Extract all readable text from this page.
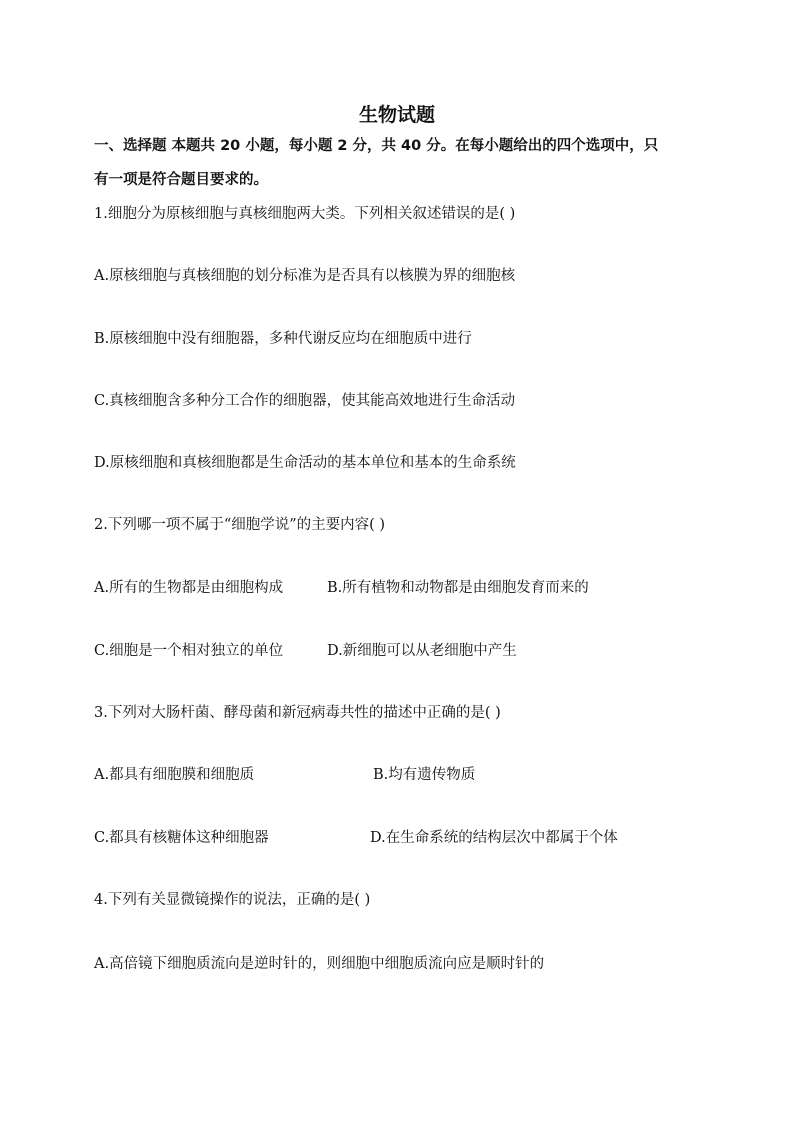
生物试题
一、选择题 本题共 20 小题，每小题 2 分，共 40 分。在每小题给出的四个选项中，只
有一项是符合题目要求的。
1.细胞分为原核细胞与真核细胞两大类。下列相关叙述错误的是( )
A.原核细胞与真核细胞的划分标准为是否具有以核膜为界的细胞核
B.原核细胞中没有细胞器，多种代谢反应均在细胞质中进行
C.真核细胞含多种分工合作的细胞器，使其能高效地进行生命活动
D.原核细胞和真核细胞都是生命活动的基本单位和基本的生命系统
2.下列哪一项不属于“细胞学说”的主要内容( )
A.所有的生物都是由细胞构成	B.所有植物和动物都是由细胞发育而来的
C.细胞是一个相对独立的单位	D.新细胞可以从老细胞中产生
3.下列对大肠杆菌、酵母菌和新冠病毒共性的描述中正确的是( )
A.都具有细胞膜和细胞质	B.均有遗传物质
C.都具有核糖体这种细胞器	D.在生命系统的结构层次中都属于个体
4.下列有关显微镜操作的说法，正确的是( )
A.高倍镜下细胞质流向是逆时针的，则细胞中细胞质流向应是顺时针的
